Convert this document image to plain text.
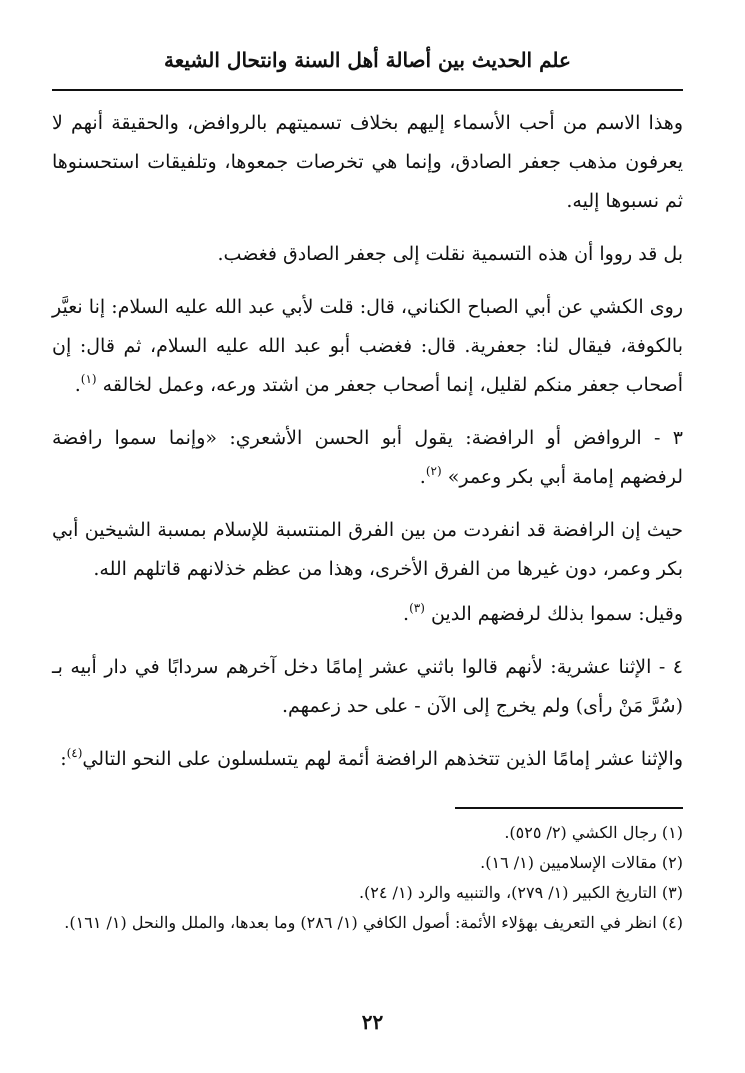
علم الحديث بين أصالة أهل السنة وانتحال الشيعة

وهذا الاسم من أحب الأسماء إليهم بخلاف تسميتهم بالروافض، والحقيقة أنهم لا يعرفون مذهب جعفر الصادق، وإنما هي تخرصات جمعوها، وتلفيقات استحسنوها ثم نسبوها إليه.

بل قد رووا أن هذه التسمية نقلت إلى جعفر الصادق فغضب.

روى الكشي عن أبي الصباح الكناني، قال: قلت لأبي عبد الله عليه السلام: إنا نعيَّر بالكوفة، فيقال لنا: جعفرية. قال: فغضب أبو عبد الله عليه السلام، ثم قال: إن أصحاب جعفر منكم لقليل، إنما أصحاب جعفر من اشتد ورعه، وعمل لخالقه $^{(١)}$.

٣ - الروافض أو الرافضة: يقول أبو الحسن الأشعري: «وإنما سموا رافضة لرفضهم إمامة أبي بكر وعمر» $^{(٢)}$.

حيث إن الرافضة قد انفردت من بين الفرق المنتسبة للإسلام بمسبة الشيخين أبي بكر وعمر، دون غيرها من الفرق الأخرى، وهذا من عظم خذلانهم قاتلهم الله.

وقيل: سموا بذلك لرفضهم الدين $^{(٣)}$.

٤ - الإثنا عشرية: لأنهم قالوا باثني عشر إمامًا دخل آخرهم سردابًا في دار أبيه بـ (سُرَّ مَنْ رأى) ولم يخرج إلى الآن - على حد زعمهم.

والإثنا عشر إمامًا الذين تتخذهم الرافضة أئمة لهم يتسلسلون على النحو التالي$^{(٤)}$:

(١) رجال الكشي (٢/ ٥٢٥).
(٢) مقالات الإسلاميين (١/ ١٦).
(٣) التاريخ الكبير (١/ ٢٧٩)، والتنبيه والرد (١/ ٢٤).
(٤) انظر في التعريف بهؤلاء الأئمة: أصول الكافي (١/ ٢٨٦) وما بعدها، والملل والنحل (١/ ١٦١).
٢٢
